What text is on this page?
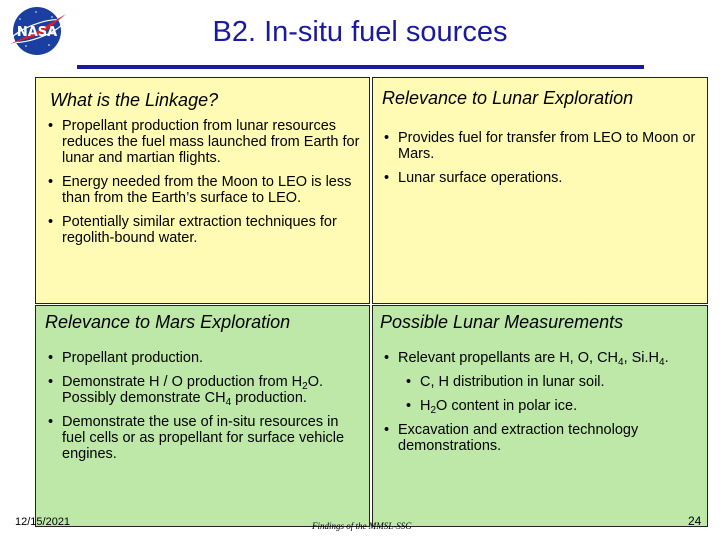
NASA	B2. In-situ fuel sources
What is the Linkage?
• Propellant production from lunar resources reduces the fuel mass launched from Earth for lunar and martian flights.
• Energy needed from the Moon to LEO is less than from the Earth’s surface to LEO.
• Potentially similar extraction techniques for regolith-bound water.
Relevance to Lunar Exploration
• Provides fuel for transfer from LEO to Moon or Mars.
• Lunar surface operations.
Relevance to Mars Exploration
• Propellant production.
• Demonstrate H / O production from $H_2O$. Possibly demonstrate $CH_4$ production.
• Demonstrate the use of in-situ resources in fuel cells or as propellant for surface vehicle engines.
Possible Lunar Measurements
• Relevant propellants are H, O, $CH_4$, $Si.H_4$.
• C, H distribution in lunar soil.
• $H_2O$ content in polar ice.
• Excavation and extraction technology demonstrations.
12/15/2021	Findings of the MMSL-SSG	24
